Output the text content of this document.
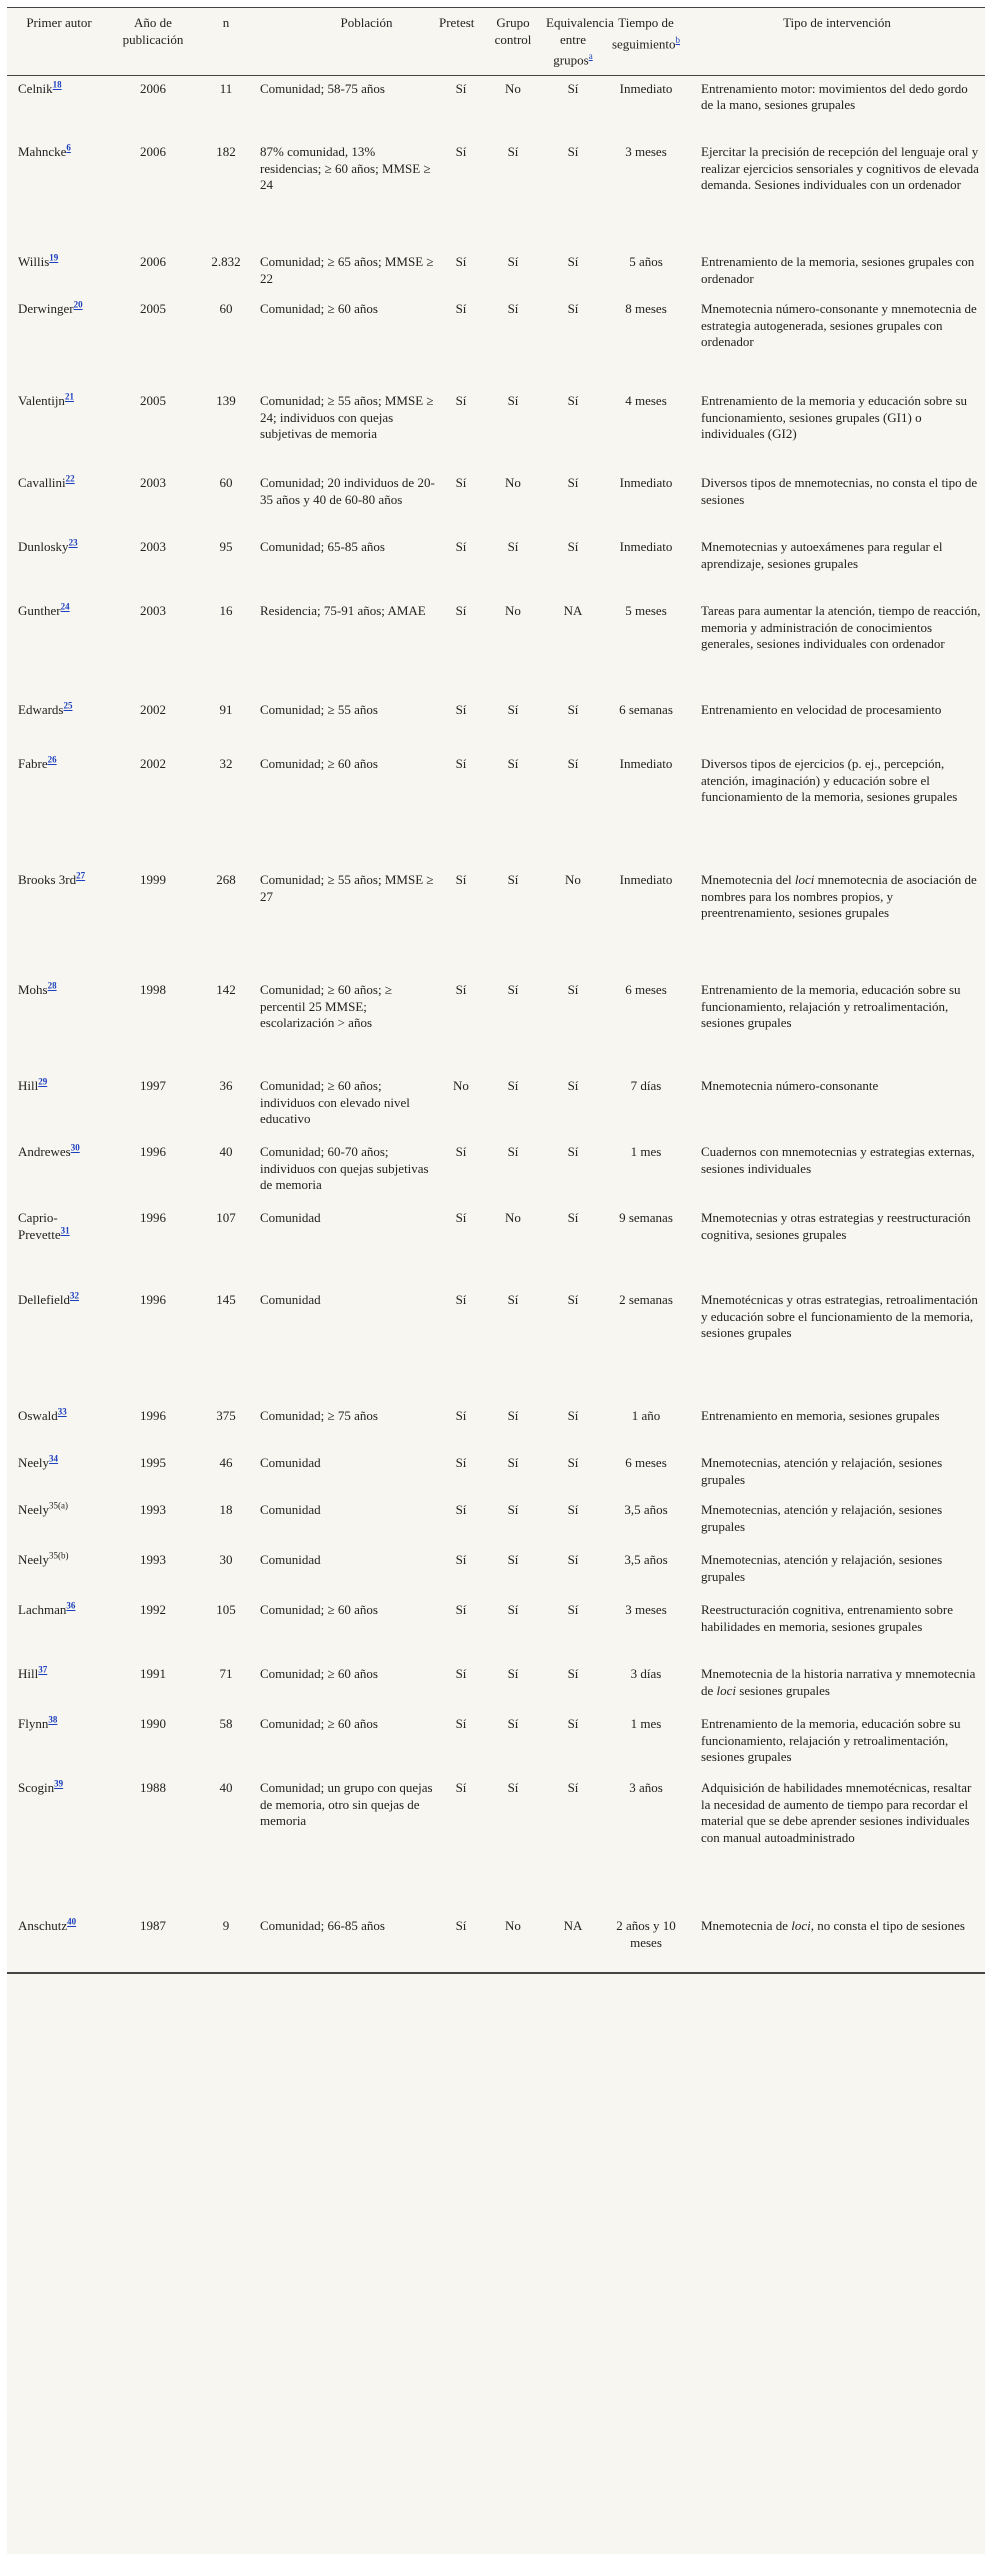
Primer autor	Año de publicación	n	Población	Pretest	Grupo control	Equivalencia entre grupos$^a$	Tiempo de seguimiento$^b$	Tipo de intervención
Celnik$^{18}$	2006	11	Comunidad; 58-75 años	Sí	No	Sí	Inmediato	Entrenamiento motor: movimientos del dedo gordo de la mano, sesiones grupales
Mahncke$^6$	2006	182	87% comunidad, 13% residencias; ≥ 60 años; MMSE ≥ 24	Sí	Sí	Sí	3 meses	Ejercitar la precisión de recepción del lenguaje oral y realizar ejercicios sensoriales y cognitivos de elevada demanda. Sesiones individuales con un ordenador
Willis$^{19}$	2006	2.832	Comunidad; ≥ 65 años; MMSE ≥ 22	Sí	Sí	Sí	5 años	Entrenamiento de la memoria, sesiones grupales con ordenador
Derwinger$^{20}$	2005	60	Comunidad; ≥ 60 años	Sí	Sí	Sí	8 meses	Mnemotecnia número-consonante y mnemotecnia de estrategia autogenerada, sesiones grupales con ordenador
Valentijn$^{21}$	2005	139	Comunidad; ≥ 55 años; MMSE ≥ 24; individuos con quejas subjetivas de memoria	Sí	Sí	Sí	4 meses	Entrenamiento de la memoria y educación sobre su funcionamiento, sesiones grupales (GI1) o individuales (GI2)
Cavallini$^{22}$	2003	60	Comunidad; 20 individuos de 20-35 años y 40 de 60-80 años	Sí	No	Sí	Inmediato	Diversos tipos de mnemotecnias, no consta el tipo de sesiones
Dunlosky$^{23}$	2003	95	Comunidad; 65-85 años	Sí	Sí	Sí	Inmediato	Mnemotecnias y autoexámenes para regular el aprendizaje, sesiones grupales
Gunther$^{24}$	2003	16	Residencia; 75-91 años; AMAE	Sí	No	NA	5 meses	Tareas para aumentar la atención, tiempo de reacción, memoria y administración de conocimientos generales, sesiones individuales con ordenador
Edwards$^{25}$	2002	91	Comunidad; ≥ 55 años	Sí	Sí	Sí	6 semanas	Entrenamiento en velocidad de procesamiento
Fabre$^{26}$	2002	32	Comunidad; ≥ 60 años	Sí	Sí	Sí	Inmediato	Diversos tipos de ejercicios (p. ej., percepción, atención, imaginación) y educación sobre el funcionamiento de la memoria, sesiones grupales
Brooks 3rd$^{27}$	1999	268	Comunidad; ≥ 55 años; MMSE ≥ 27	Sí	Sí	No	Inmediato	Mnemotecnia del loci mnemotecnia de asociación de nombres para los nombres propios, y preentrenamiento, sesiones grupales
Mohs$^{28}$	1998	142	Comunidad; ≥ 60 años; ≥ percentil 25 MMSE; escolarización > años	Sí	Sí	Sí	6 meses	Entrenamiento de la memoria, educación sobre su funcionamiento, relajación y retroalimentación, sesiones grupales
Hill$^{29}$	1997	36	Comunidad; ≥ 60 años; individuos con elevado nivel educativo	No	Sí	Sí	7 días	Mnemotecnia número-consonante
Andrewes$^{30}$	1996	40	Comunidad; 60-70 años; individuos con quejas subjetivas de memoria	Sí	Sí	Sí	1 mes	Cuadernos con mnemotecnias y estrategias externas, sesiones individuales
Caprio-Prevette$^{31}$	1996	107	Comunidad	Sí	No	Sí	9 semanas	Mnemotecnias y otras estrategias y reestructuración cognitiva, sesiones grupales
Dellefield$^{32}$	1996	145	Comunidad	Sí	Sí	Sí	2 semanas	Mnemotécnicas y otras estrategias, retroalimentación y educación sobre el funcionamiento de la memoria, sesiones grupales
Oswald$^{33}$	1996	375	Comunidad; ≥ 75 años	Sí	Sí	Sí	1 año	Entrenamiento en memoria, sesiones grupales
Neely$^{34}$	1995	46	Comunidad	Sí	Sí	Sí	6 meses	Mnemotecnias, atención y relajación, sesiones grupales
Neely$^{35(a)}$	1993	18	Comunidad	Sí	Sí	Sí	3,5 años	Mnemotecnias, atención y relajación, sesiones grupales
Neely$^{35(b)}$	1993	30	Comunidad	Sí	Sí	Sí	3,5 años	Mnemotecnias, atención y relajación, sesiones grupales
Lachman$^{36}$	1992	105	Comunidad; ≥ 60 años	Sí	Sí	Sí	3 meses	Reestructuración cognitiva, entrenamiento sobre habilidades en memoria, sesiones grupales
Hill$^{37}$	1991	71	Comunidad; ≥ 60 años	Sí	Sí	Sí	3 días	Mnemotecnia de la historia narrativa y mnemotecnia de loci sesiones grupales
Flynn$^{38}$	1990	58	Comunidad; ≥ 60 años	Sí	Sí	Sí	1 mes	Entrenamiento de la memoria, educación sobre su funcionamiento, relajación y retroalimentación, sesiones grupales
Scogin$^{39}$	1988	40	Comunidad; un grupo con quejas de memoria, otro sin quejas de memoria	Sí	Sí	Sí	3 años	Adquisición de habilidades mnemotécnicas, resaltar la necesidad de aumento de tiempo para recordar el material que se debe aprender sesiones individuales con manual autoadministrado
Anschutz$^{40}$	1987	9	Comunidad; 66-85 años	Sí	No	NA	2 años y 10 meses	Mnemotecnia de loci, no consta el tipo de sesiones
